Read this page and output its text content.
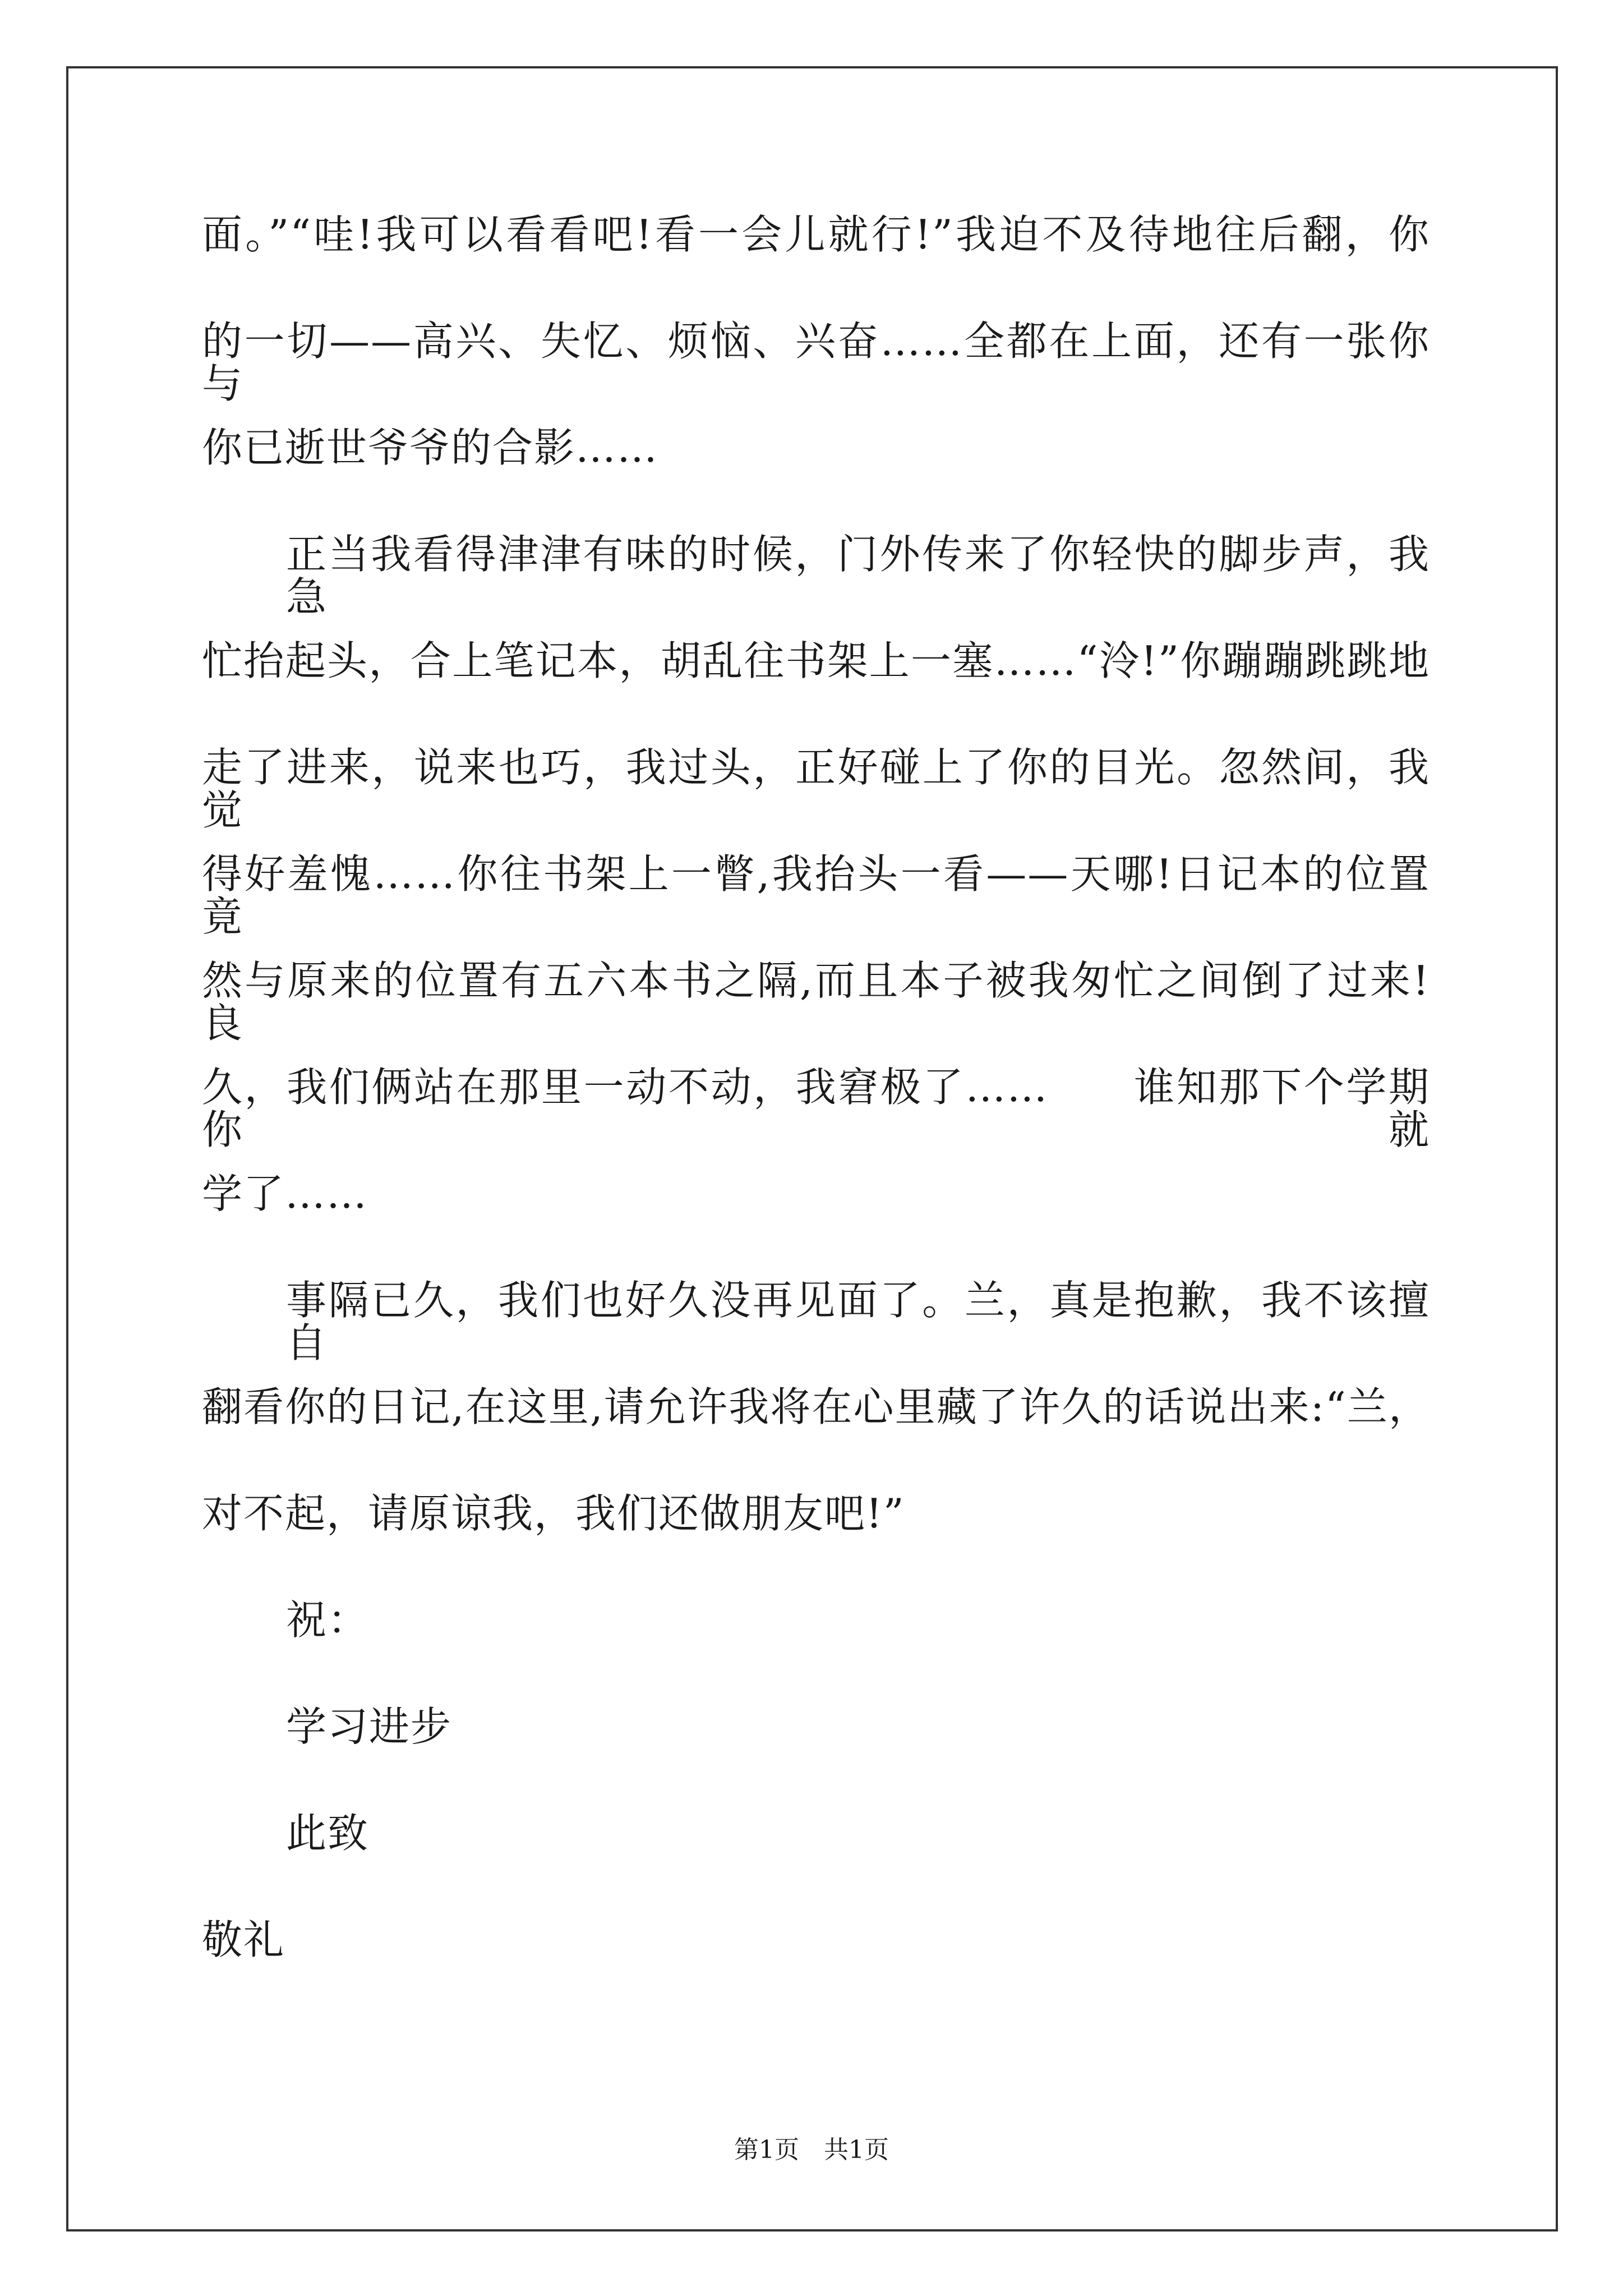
面。”“哇!我可以看看吧!看一会儿就行!”我迫不及待地往后翻，你
的一切——高兴、失忆、烦恼、兴奋……全都在上面，还有一张你与
你已逝世爷爷的合影……
正当我看得津津有味的时候，门外传来了你轻快的脚步声，我急
忙抬起头，合上笔记本，胡乱往书架上一塞……“泠!”你蹦蹦跳跳地
走了进来，说来也巧，我过头，正好碰上了你的目光。忽然间，我觉
得好羞愧……你往书架上一瞥,我抬头一看——天哪!日记本的位置竟
然与原来的位置有五六本书之隔,而且本子被我匆忙之间倒了过来!良
久，我们俩站在那里一动不动，我窘极了……　　谁知那下个学期你就
学了……
事隔已久，我们也好久没再见面了。兰，真是抱歉，我不该擅自
翻看你的日记,在这里,请允许我将在心里藏了许久的话说出来:“兰，
对不起，请原谅我，我们还做朋友吧!”
祝：
学习进步
此致
敬礼
第1页　共1页
